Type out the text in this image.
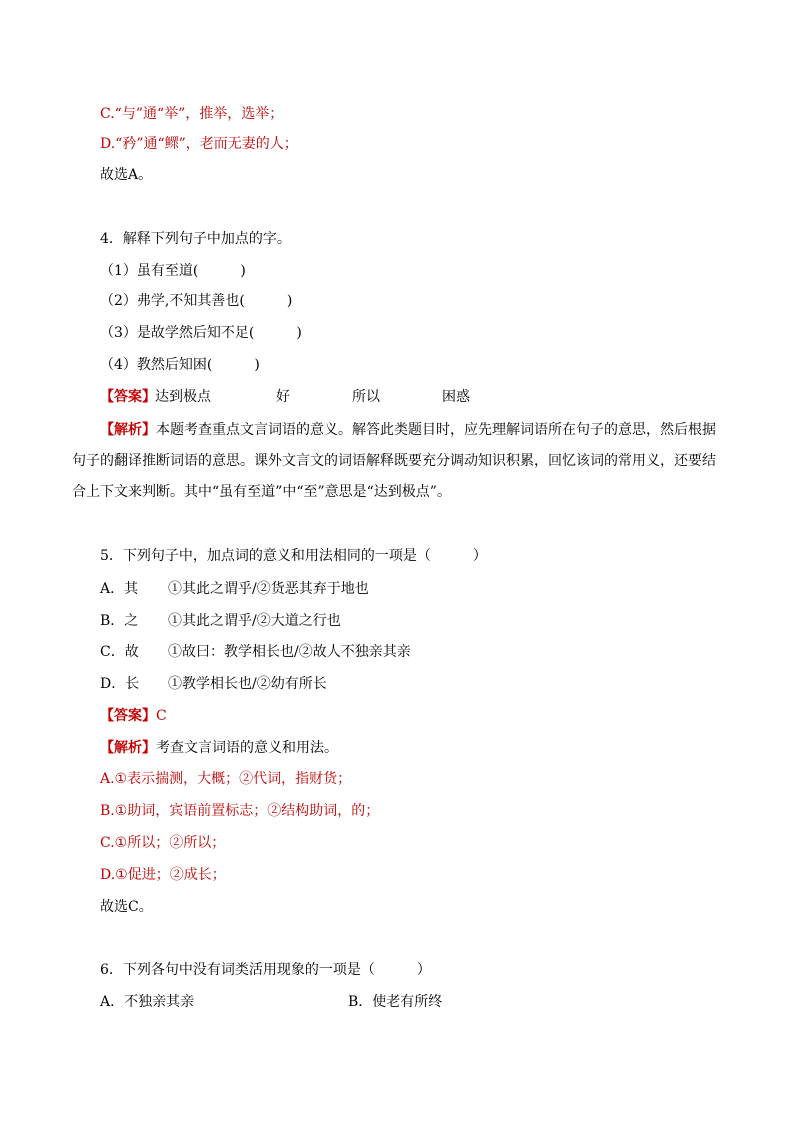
C.“与”通“举”，推举，选举；
D.“矜”通“鳏”，老而无妻的人；
故选A。
4．解释下列句子中加点的字。
（1）虽有至道(　　　)
（2）弗学,不知其善也(　　　)
（3）是故学然后知不足(　　　)
（4）教然后知困(　　　)
【答案】 达到极点	好	所以	困惑
【解析】本题考查重点文言词语的意义。解答此类题目时，应先理解词语所在句子的意思，然后根据
句子的翻译推断词语的意思。课外文言文的词语解释既要充分调动知识积累，回忆该词的常用义，还要结
合上下文来判断。其中“虽有至道”中“至”意思是“达到极点”。
5．下列句子中，加点词的意义和用法相同的一项是（　　　）
A．其 ①其此之谓乎/②货恶其弃于地也
B．之 ①其此之谓乎/②大道之行也
C．故 ①故曰：教学相长也/②故人不独亲其亲
D．长 ①教学相长也/②幼有所长
【答案】C
【解析】考查文言词语的意义和用法。
A.①表示揣测，大概；②代词，指财货；
B.①助词，宾语前置标志；②结构助词，的；
C.①所以；②所以；
D.①促进；②成长；
故选C。
6．下列各句中没有词类活用现象的一项是（　　　）
A．不独亲其亲	B．使老有所终
